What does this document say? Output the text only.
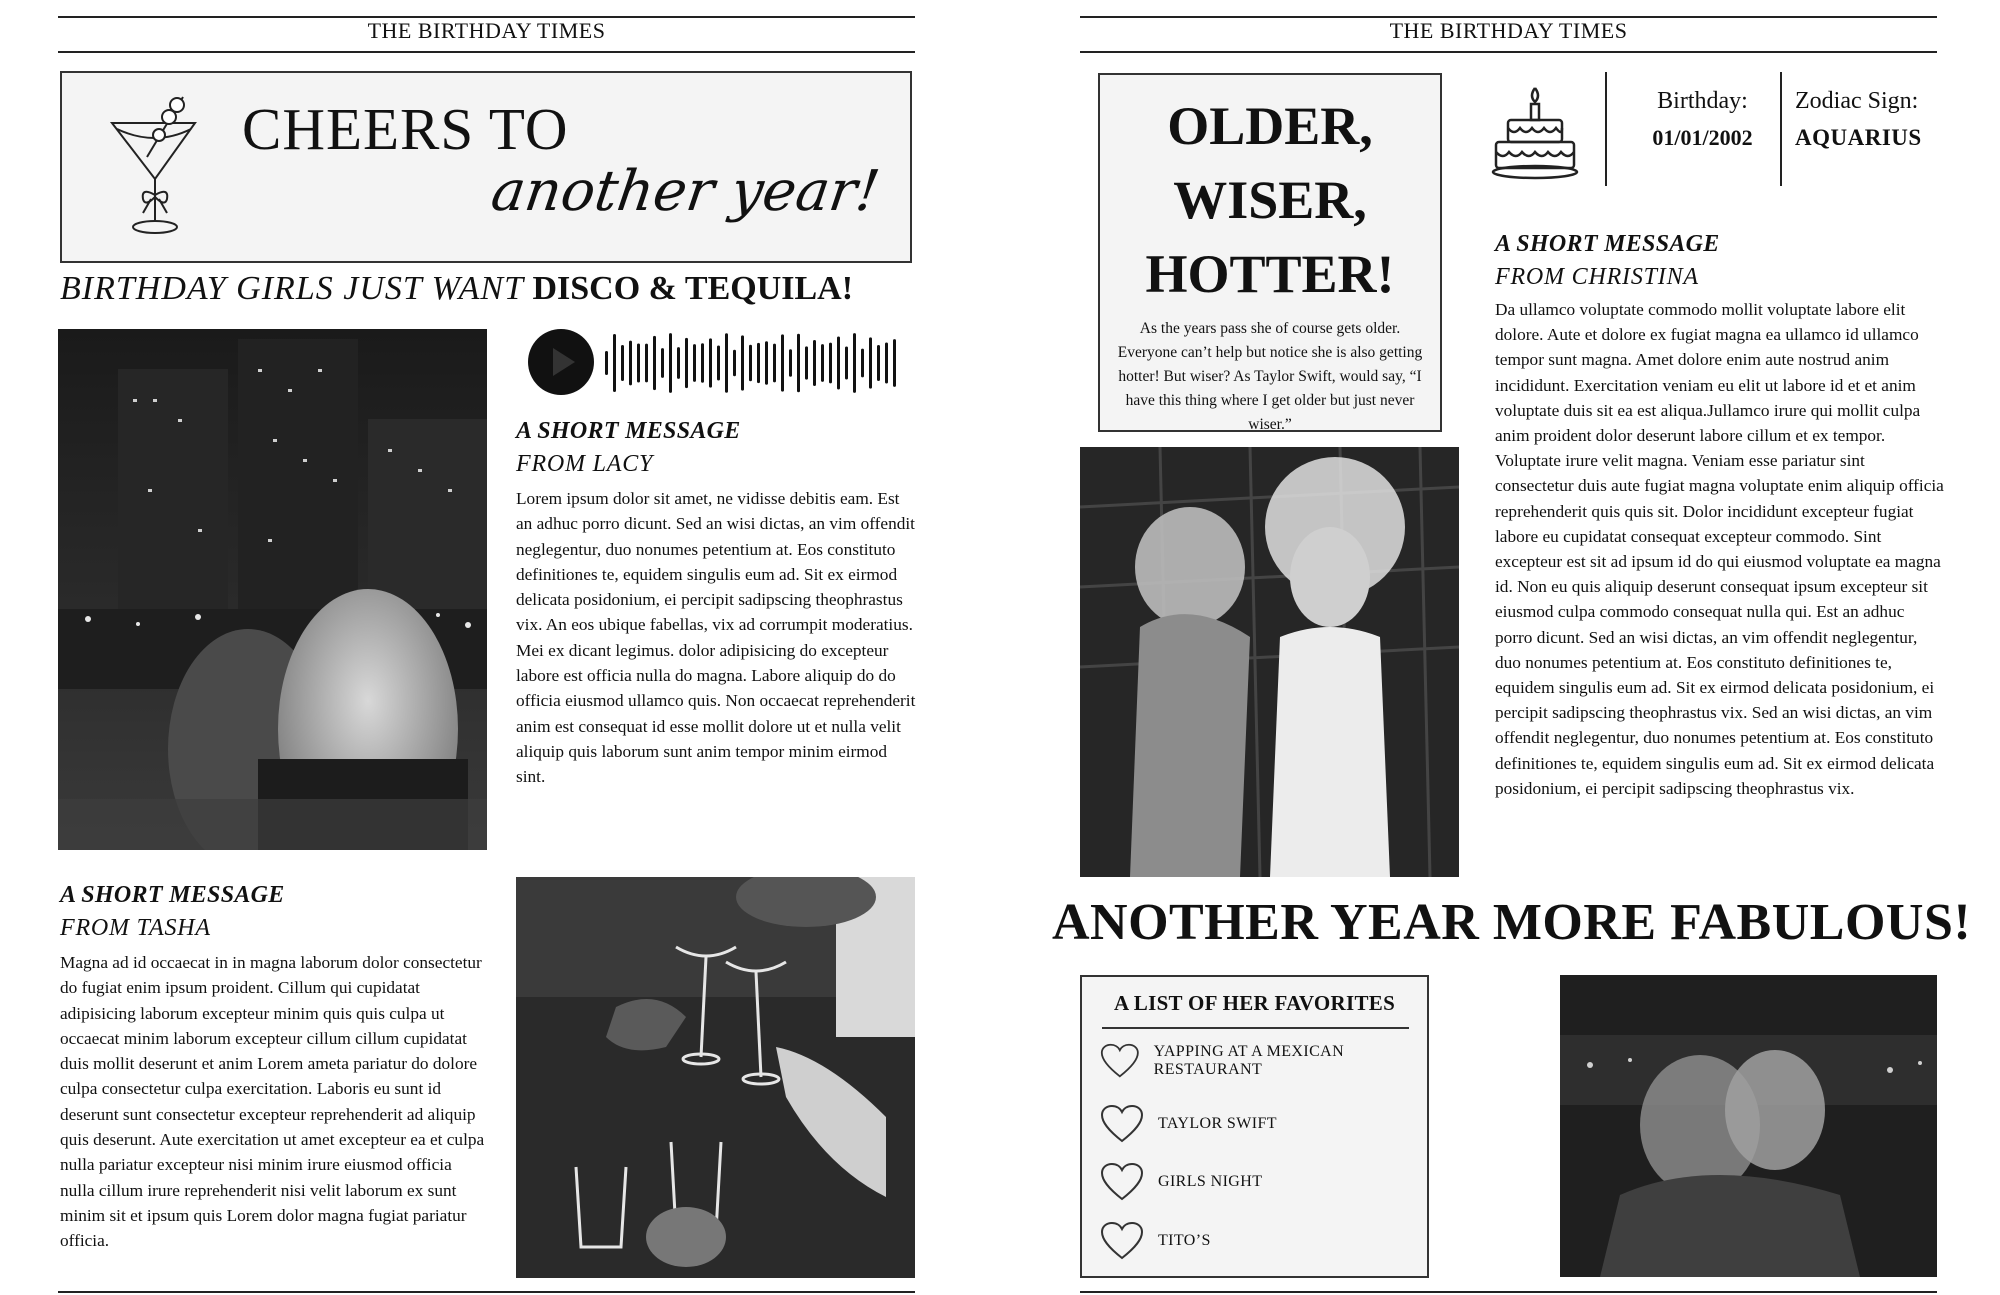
THE BIRTHDAY TIMES
CHEERS TO
another year!
BIRTHDAY GIRLS JUST WANT DISCO & TEQUILA!
A SHORT MESSAGE
FROM LACY
Lorem ipsum dolor sit amet, ne vidisse debitis eam. Est an adhuc porro dicunt. Sed an wisi dictas, an vim offendit neglegentur, duo nonumes petentium at. Eos constituto definitiones te, equidem singulis eum ad. Sit ex eirmod delicata posidonium, ei percipit sadipscing theophrastus vix. An eos ubique fabellas, vix ad corrumpit moderatius. Mei ex dicant legimus. dolor adipisicing do excepteur labore est officia nulla do magna. Labore aliquip do do officia eiusmod ullamco quis. Non occaecat reprehenderit anim est consequat id esse mollit dolore ut et nulla velit aliquip quis laborum sunt anim tempor minim eirmod sint.
A SHORT MESSAGE
FROM TASHA
Magna ad id occaecat in in magna laborum dolor consectetur do fugiat enim ipsum proident. Cillum qui cupidatat adipisicing laborum excepteur minim quis quis culpa ut occaecat minim laborum excepteur cillum cillum cupidatat duis mollit deserunt et anim Lorem ameta pariatur do dolore culpa consectetur culpa exercitation. Laboris eu sunt id deserunt sunt consectetur excepteur reprehenderit ad aliquip quis deserunt. Aute exercitation ut amet excepteur ea et culpa nulla pariatur excepteur nisi minim irure eiusmod officia nulla cillum irure reprehenderit nisi velit laborum ex sunt minim sit et ipsum quis Lorem dolor magna fugiat pariatur officia.
THE BIRTHDAY TIMES
OLDER,
WISER,
HOTTER!
As the years pass she of course gets older. Everyone can’t help but notice she is also getting hotter! But wiser? As Taylor Swift, would say, “I have this thing where I get older but just never wiser.”
Birthday:
01/01/2002
Zodiac Sign:
AQUARIUS
A SHORT MESSAGE
FROM CHRISTINA
Da ullamco voluptate commodo mollit voluptate labore elit dolore. Aute et dolore ex fugiat magna ea ullamco id ullamco tempor sunt magna. Amet dolore enim aute nostrud anim incididunt. Exercitation veniam eu elit ut labore id et et anim voluptate duis sit ea est aliqua.Jullamco irure qui mollit culpa anim proident dolor deserunt labore cillum et ex tempor. Voluptate irure velit magna. Veniam esse pariatur sint consectetur duis aute fugiat magna voluptate enim aliquip officia reprehenderit quis quis sit. Dolor incididunt excepteur fugiat labore eu cupidatat consequat excepteur commodo. Sint excepteur est sit ad ipsum id do qui eiusmod voluptate ea magna id. Non eu quis aliquip deserunt consequat ipsum excepteur sit eiusmod culpa commodo consequat nulla qui. Est an adhuc porro dicunt. Sed an wisi dictas, an vim offendit neglegentur, duo nonumes petentium at. Eos constituto definitiones te, equidem singulis eum ad. Sit ex eirmod delicata posidonium, ei percipit sadipscing theophrastus vix. Sed an wisi dictas, an vim offendit neglegentur, duo nonumes petentium at. Eos constituto definitiones te, equidem singulis eum ad. Sit ex eirmod delicata posidonium, ei percipit sadipscing theophrastus vix.
ANOTHER YEAR MORE FABULOUS!
A LIST OF HER FAVORITES
YAPPING AT A MEXICAN RESTAURANT
TAYLOR SWIFT
GIRLS NIGHT
TITO’S
